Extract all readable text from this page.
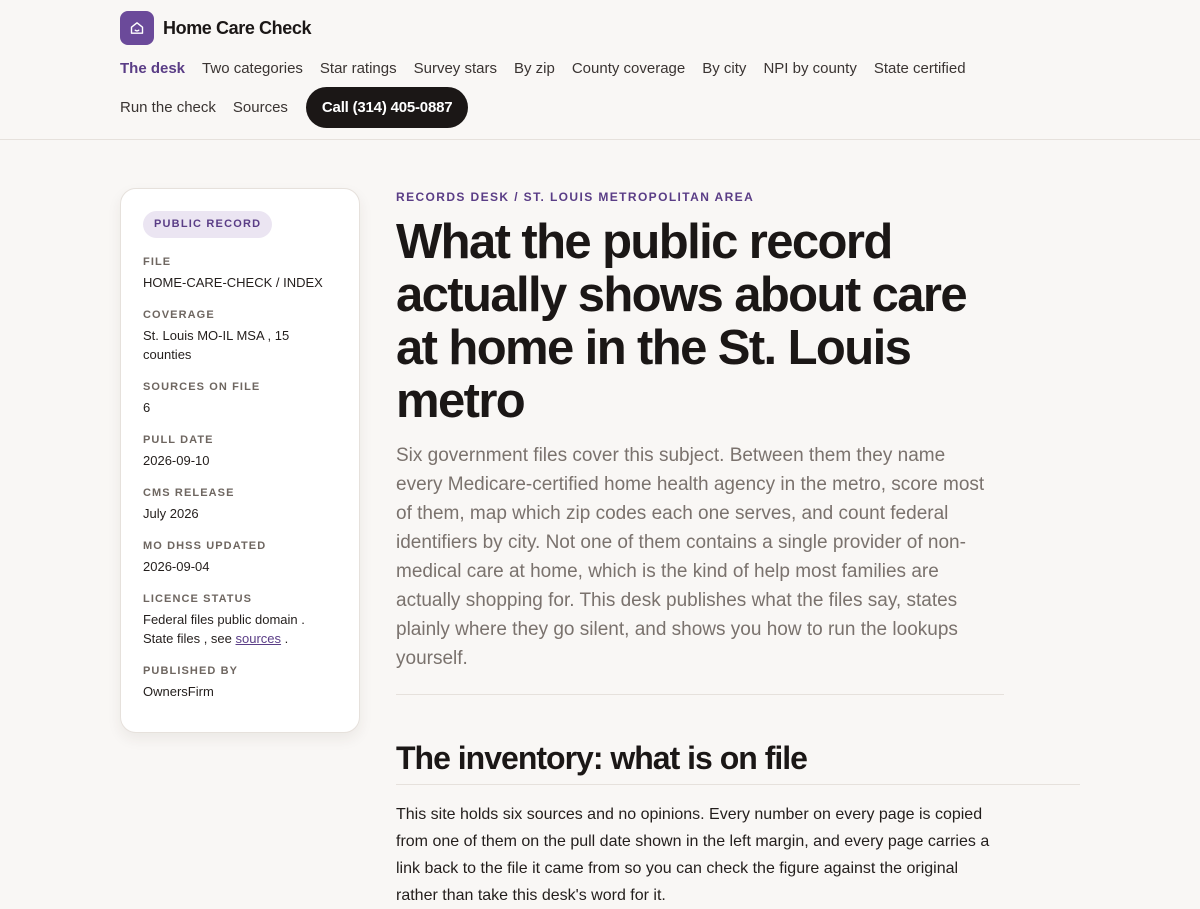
Home Care Check
The desk Two categories Star ratings Survey stars By zip County coverage By city NPI by county State certified
Run the check Sources	Call (314) 405-0887
PUBLIC RECORD
FILE
HOME-CARE-CHECK / INDEX
COVERAGE
St. Louis MO-IL MSA , 15 counties
SOURCES ON FILE
6
PULL DATE
2026-09-10
CMS RELEASE
July 2026
MO DHSS UPDATED
2026-09-04
LICENCE STATUS
Federal files public domain .
State files , see sources .
PUBLISHED BY
OwnersFirm
RECORDS DESK / ST. LOUIS METROPOLITAN AREA
What the public record actually shows about care at home in the St. Louis metro

Six government files cover this subject. Between them they name every Medicare-certified home health agency in the metro, score most of them, map which zip codes each one serves, and count federal identifiers by city. Not one of them contains a single provider of non-medical care at home, which is the kind of help most families are actually shopping for. This desk publishes what the files say, states plainly where they go silent, and shows you how to run the lookups yourself.

The inventory: what is on file

This site holds six sources and no opinions. Every number on every page is copied from one of them on the pull date shown in the left margin, and every page carries a link back to the file it came from so you can check the figure against the original rather than take this desk's word for it.
